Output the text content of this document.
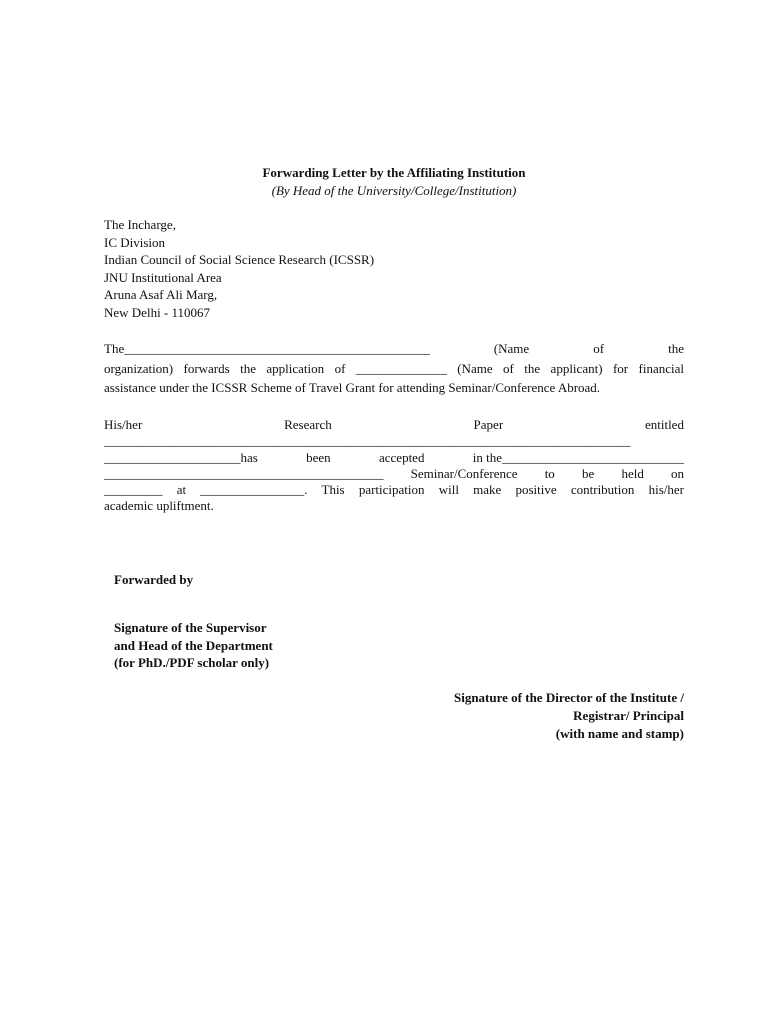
Forwarding Letter by the Affiliating Institution
(By Head of the University/College/Institution)
The Incharge,
IC Division
Indian Council of Social Science Research (ICSSR)
JNU Institutional Area
Aruna Asaf Ali Marg,
New Delhi - 110067
The_______________________________________________	(Name	of	the
organization) forwards the application of ______________ (Name of the applicant) for financial
assistance under the ICSSR Scheme of Travel Grant for attending Seminar/Conference Abroad.
His/her	Research	Paper	entitled
_________________________________________________________________________________
_____________________has	been	accepted	in the____________________________
___________________________________________ Seminar/Conference to be held on
_________ at ________________. This participation will make positive contribution his/her
academic upliftment.
Forwarded by
Signature of the Supervisor
and Head of the Department
(for PhD./PDF scholar only)
Signature of the Director of the Institute /
Registrar/ Principal
(with name and stamp)
